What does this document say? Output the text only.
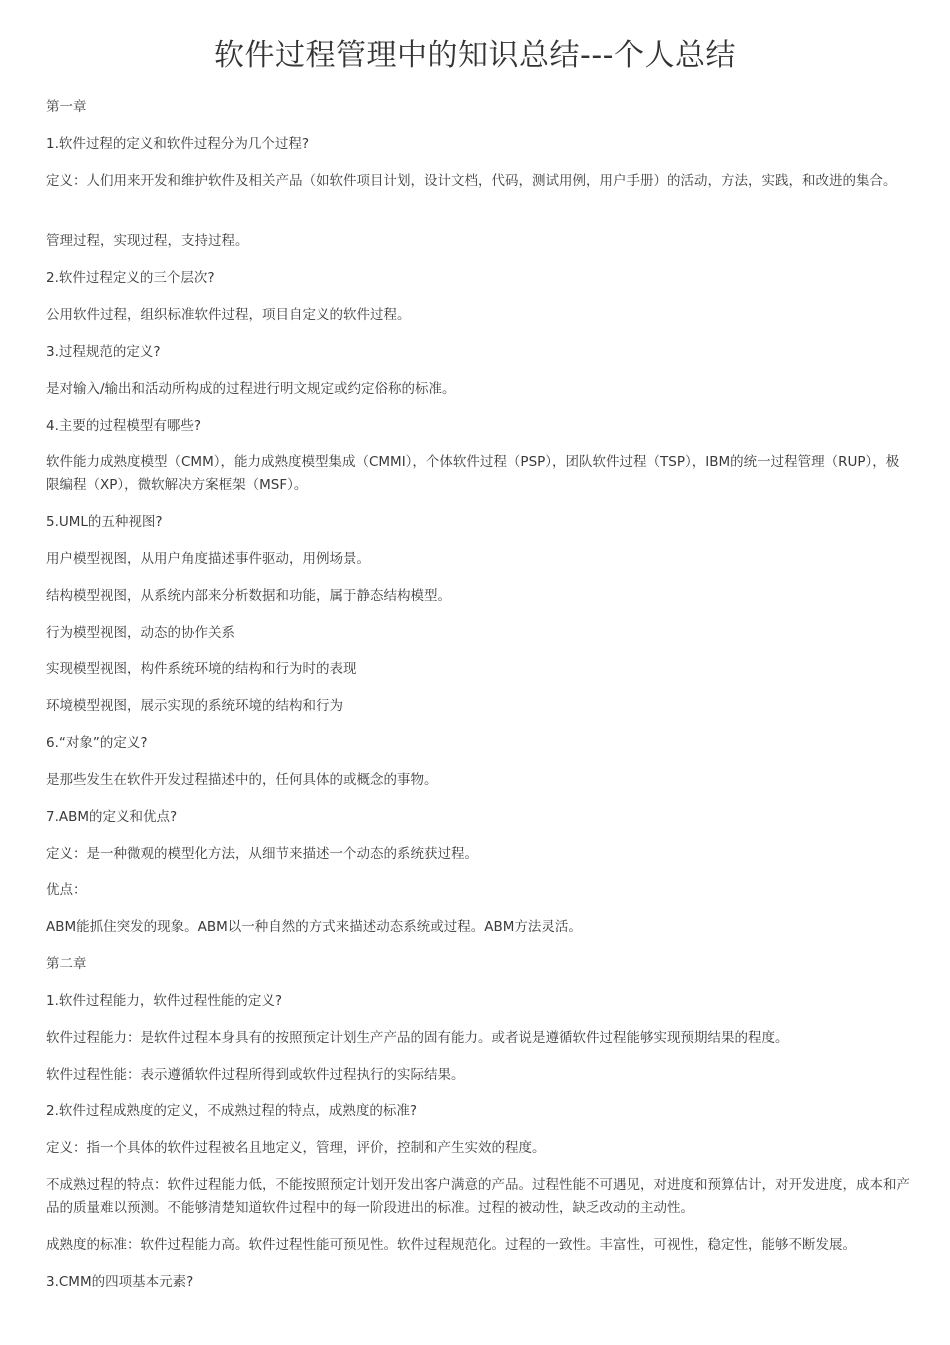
软件过程管理中的知识总结---个人总结

第一章

1.软件过程的定义和软件过程分为几个过程?

定义：人们用来开发和维护软件及相关产品（如软件项目计划，设计文档，代码，测试用例，用户手册）的活动，方法，实践，和改进的集合。

管理过程，实现过程，支持过程。

2.软件过程定义的三个层次?

公用软件过程，组织标准软件过程，项目自定义的软件过程。

3.过程规范的定义?

是对输入/输出和活动所构成的过程进行明文规定或约定俗称的标准。

4.主要的过程模型有哪些?

软件能力成熟度模型（CMM），能力成熟度模型集成（CMMI），个体软件过程（PSP），团队软件过程（TSP），IBM的统一过程管理（RUP），极限编程（XP），微软解决方案框架（MSF）。

5.UML的五种视图?

用户模型视图，从用户角度描述事件驱动，用例场景。

结构模型视图，从系统内部来分析数据和功能，属于静态结构模型。

行为模型视图，动态的协作关系

实现模型视图，构件系统环境的结构和行为时的表现

环境模型视图，展示实现的系统环境的结构和行为

6.“对象”的定义?

是那些发生在软件开发过程描述中的，任何具体的或概念的事物。

7.ABM的定义和优点?

定义：是一种微观的模型化方法，从细节来描述一个动态的系统获过程。

优点：

ABM能抓住突发的现象。ABM以一种自然的方式来描述动态系统或过程。ABM方法灵活。

第二章

1.软件过程能力，软件过程性能的定义?

软件过程能力：是软件过程本身具有的按照预定计划生产产品的固有能力。或者说是遵循软件过程能够实现预期结果的程度。

软件过程性能：表示遵循软件过程所得到或软件过程执行的实际结果。

2.软件过程成熟度的定义，不成熟过程的特点，成熟度的标准?

定义：指一个具体的软件过程被名且地定义，管理，评价，控制和产生实效的程度。

不成熟过程的特点：软件过程能力低，不能按照预定计划开发出客户满意的产品。过程性能不可遇见，对进度和预算估计，对开发进度，成本和产品的质量难以预测。不能够清楚知道软件过程中的每一阶段进出的标准。过程的被动性，缺乏改动的主动性。

成熟度的标准：软件过程能力高。软件过程性能可预见性。软件过程规范化。过程的一致性。丰富性，可视性，稳定性，能够不断发展。

3.CMM的四项基本元素?
